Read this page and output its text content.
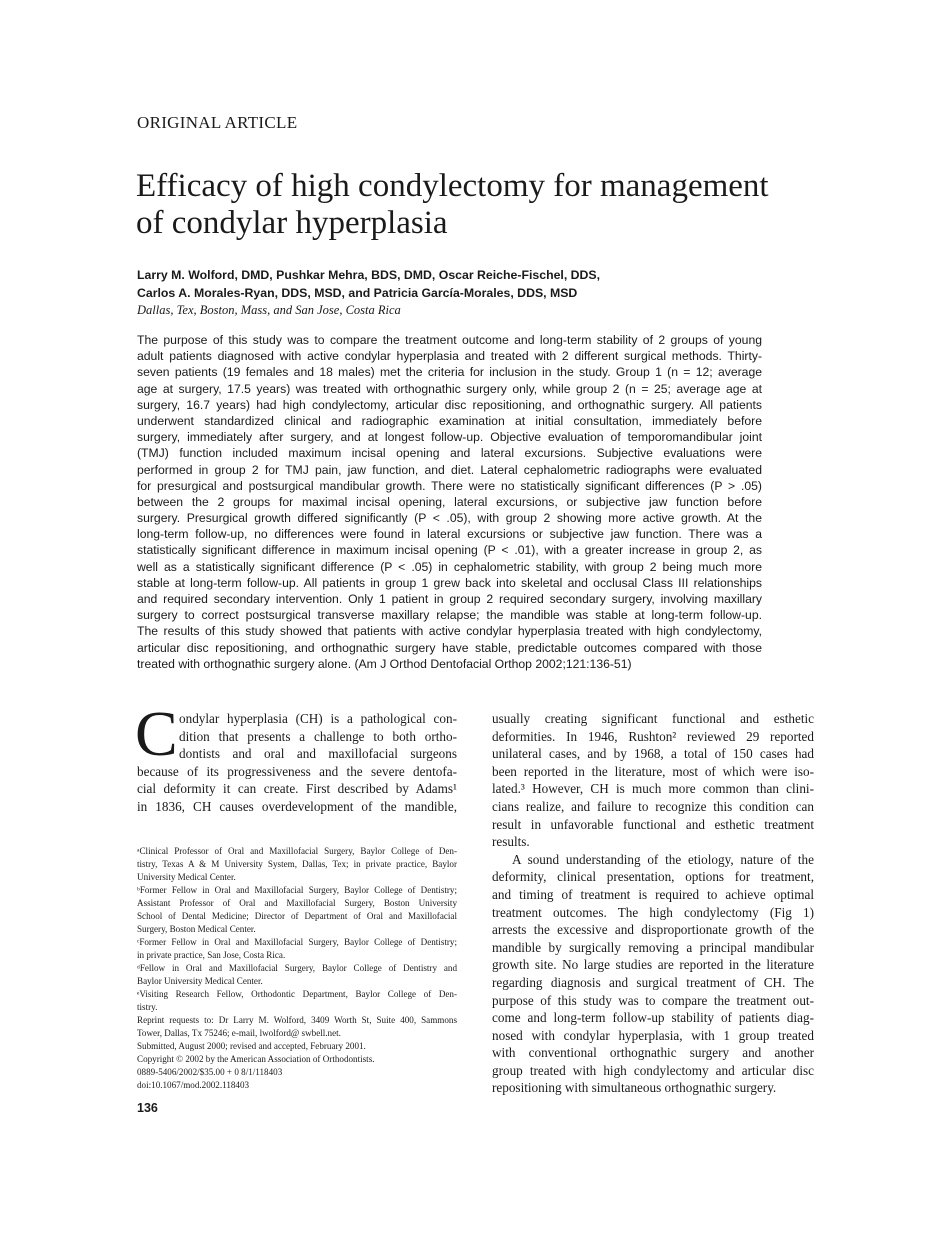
ORIGINAL ARTICLE
Efficacy of high condylectomy for management
of condylar hyperplasia
Larry M. Wolford, DMD, Pushkar Mehra, BDS, DMD, Oscar Reiche-Fischel, DDS,
Carlos A. Morales-Ryan, DDS, MSD, and Patricia García-Morales, DDS, MSD
Dallas, Tex, Boston, Mass, and San Jose, Costa Rica
The purpose of this study was to compare the treatment outcome and long-term stability of 2 groups of young
adult patients diagnosed with active condylar hyperplasia and treated with 2 different surgical methods. Thirty-
seven patients (19 females and 18 males) met the criteria for inclusion in the study. Group 1 (n = 12; average
age at surgery, 17.5 years) was treated with orthognathic surgery only, while group 2 (n = 25; average age at
surgery, 16.7 years) had high condylectomy, articular disc repositioning, and orthognathic surgery. All patients
underwent standardized clinical and radiographic examination at initial consultation, immediately before
surgery, immediately after surgery, and at longest follow-up. Objective evaluation of temporomandibular joint
(TMJ) function included maximum incisal opening and lateral excursions. Subjective evaluations were
performed in group 2 for TMJ pain, jaw function, and diet. Lateral cephalometric radiographs were evaluated
for presurgical and postsurgical mandibular growth. There were no statistically significant differences (P > .05)
between the 2 groups for maximal incisal opening, lateral excursions, or subjective jaw function before
surgery. Presurgical growth differed significantly (P < .05), with group 2 showing more active growth. At the
long-term follow-up, no differences were found in lateral excursions or subjective jaw function. There was a
statistically significant difference in maximum incisal opening (P < .01), with a greater increase in group 2, as
well as a statistically significant difference (P < .05) in cephalometric stability, with group 2 being much more
stable at long-term follow-up. All patients in group 1 grew back into skeletal and occlusal Class III relationships
and required secondary intervention. Only 1 patient in group 2 required secondary surgery, involving maxillary
surgery to correct postsurgical transverse maxillary relapse; the mandible was stable at long-term follow-up.
The results of this study showed that patients with active condylar hyperplasia treated with high condylectomy,
articular disc repositioning, and orthognathic surgery have stable, predictable outcomes compared with those
treated with orthognathic surgery alone. (Am J Orthod Dentofacial Orthop 2002;121:136-51)
C ondylar hyperplasia (CH) is a pathological con-
dition that presents a challenge to both ortho-
dontists and oral and maxillofacial surgeons
because of its progressiveness and the severe dentofa-
cial deformity it can create. First described by Adams¹
in 1836, CH causes overdevelopment of the mandible,
usually creating significant functional and esthetic
deformities. In 1946, Rushton² reviewed 29 reported
unilateral cases, and by 1968, a total of 150 cases had
been reported in the literature, most of which were iso-
lated.³ However, CH is much more common than clini-
cians realize, and failure to recognize this condition can
result in unfavorable functional and esthetic treatment
results.
A sound understanding of the etiology, nature of the
deformity, clinical presentation, options for treatment,
and timing of treatment is required to achieve optimal
treatment outcomes. The high condylectomy (Fig 1)
arrests the excessive and disproportionate growth of the
mandible by surgically removing a principal mandibular
growth site. No large studies are reported in the literature
regarding diagnosis and surgical treatment of CH. The
purpose of this study was to compare the treatment out-
come and long-term follow-up stability of patients diag-
nosed with condylar hyperplasia, with 1 group treated
with conventional orthognathic surgery and another
group treated with high condylectomy and articular disc
repositioning with simultaneous orthognathic surgery.
ᵃClinical Professor of Oral and Maxillofacial Surgery, Baylor College of Den-
tistry, Texas A & M University System, Dallas, Tex; in private practice, Baylor
University Medical Center.
ᵇFormer Fellow in Oral and Maxillofacial Surgery, Baylor College of Dentistry;
Assistant Professor of Oral and Maxillofacial Surgery, Boston University
School of Dental Medicine; Director of Department of Oral and Maxillofacial
Surgery, Boston Medical Center.
ᶜFormer Fellow in Oral and Maxillofacial Surgery, Baylor College of Dentistry;
in private practice, San Jose, Costa Rica.
ᵈFellow in Oral and Maxillofacial Surgery, Baylor College of Dentistry and
Baylor University Medical Center.
ᵉVisiting Research Fellow, Orthodontic Department, Baylor College of Den-
tistry.
Reprint requests to: Dr Larry M. Wolford, 3409 Worth St, Suite 400, Sammons
Tower, Dallas, Tx 75246; e-mail, lwolford@ swbell.net.
Submitted, August 2000; revised and accepted, February 2001.
Copyright © 2002 by the American Association of Orthodontists.
0889-5406/2002/$35.00 + 0 8/1/118403
doi:10.1067/mod.2002.118403
136
